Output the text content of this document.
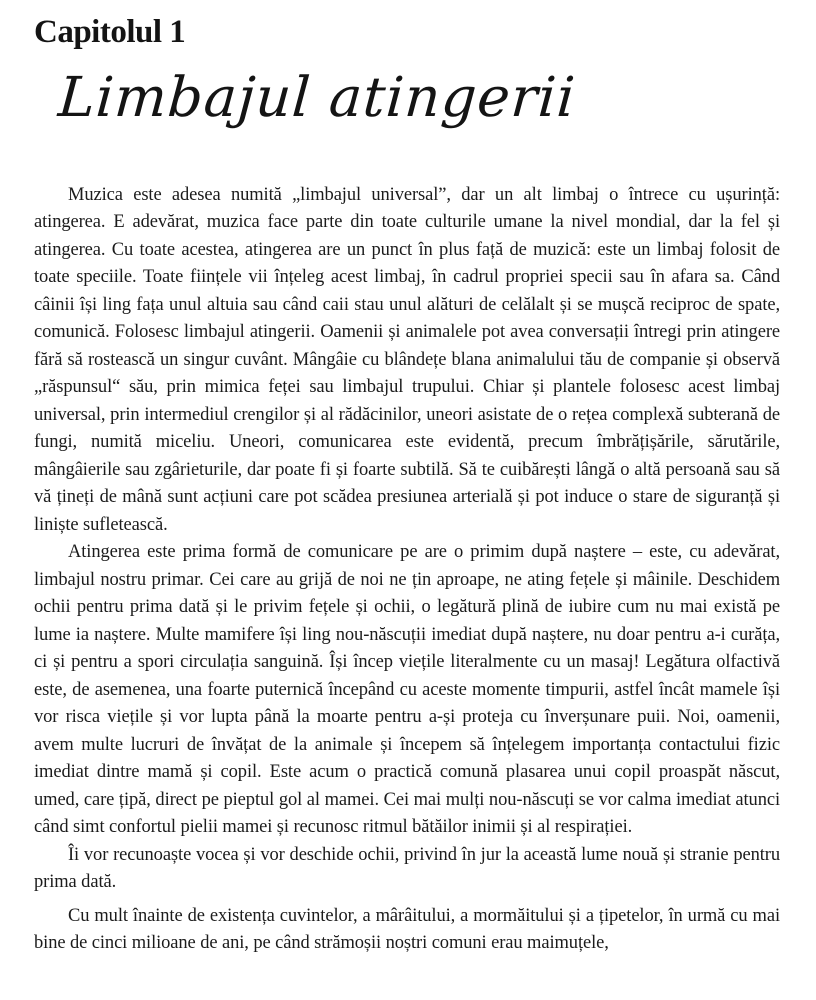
Capitolul 1
Limbajul atingerii

Muzica este adesea numită „limbajul universal”, dar un alt limbaj o întrece cu ușurință: atingerea. E adevărat, muzica face parte din toate culturile umane la nivel mondial, dar la fel și atingerea. Cu toate acestea, atingerea are un punct în plus față de muzică: este un limbaj folosit de toate speciile. Toate ființele vii înțeleg acest limbaj, în cadrul propriei specii sau în afara sa. Când câinii își ling fața unul altuia sau când caii stau unul alături de celălalt și se mușcă reciproc de spate, comunică. Folosesc limbajul atingerii. Oamenii și animalele pot avea conversații întregi prin atingere fără să rostească un singur cuvânt. Mângâie cu blândețe blana animalului tău de companie și observă „răspunsul“ său, prin mimica feței sau limbajul trupului. Chiar și plantele folosesc acest limbaj universal, prin intermediul crengilor și al rădăcinilor, uneori asistate de o rețea complexă subterană de fungi, numită miceliu. Uneori, comunicarea este evidentă, precum îmbrățișările, sărutările, mângâierile sau zgârieturile, dar poate fi și foarte subtilă. Să te cuibărești lângă o altă persoană sau să vă țineți de mână sunt acțiuni care pot scădea presiunea arterială și pot induce o stare de siguranță și liniște sufletească.

Atingerea este prima formă de comunicare pe are o primim după naștere – este, cu adevărat, limbajul nostru primar. Cei care au grijă de noi ne țin aproape, ne ating fețele și mâinile. Deschidem ochii pentru prima dată și le privim fețele și ochii, o legătură plină de iubire cum nu mai există pe lume ia naștere. Multe mamifere își ling nou-născuții imediat după naștere, nu doar pentru a-i curăța, ci și pentru a spori circulația sanguină. Își încep viețile literalmente cu un masaj! Legătura olfactivă este, de asemenea, una foarte puternică începând cu aceste momente timpurii, astfel încât mamele își vor risca viețile și vor lupta până la moarte pentru a-și proteja cu înverșunare puii. Noi, oamenii, avem multe lucruri de învățat de la animale și începem să înțelegem importanța contactului fizic imediat dintre mamă și copil. Este acum o practică comună plasarea unui copil proaspăt născut, umed, care țipă, direct pe pieptul gol al mamei. Cei mai mulți nou-născuți se vor calma imediat atunci când simt confortul pielii mamei și recunosc ritmul bătăilor inimii și al respirației.

Îi vor recunoaște vocea și vor deschide ochii, privind în jur la această lume nouă și stranie pentru prima dată.

Cu mult înainte de existența cuvintelor, a mârâitului, a mormăitului și a țipetelor, în urmă cu mai bine de cinci milioane de ani, pe când strămoșii noștri comuni erau maimuțele,
